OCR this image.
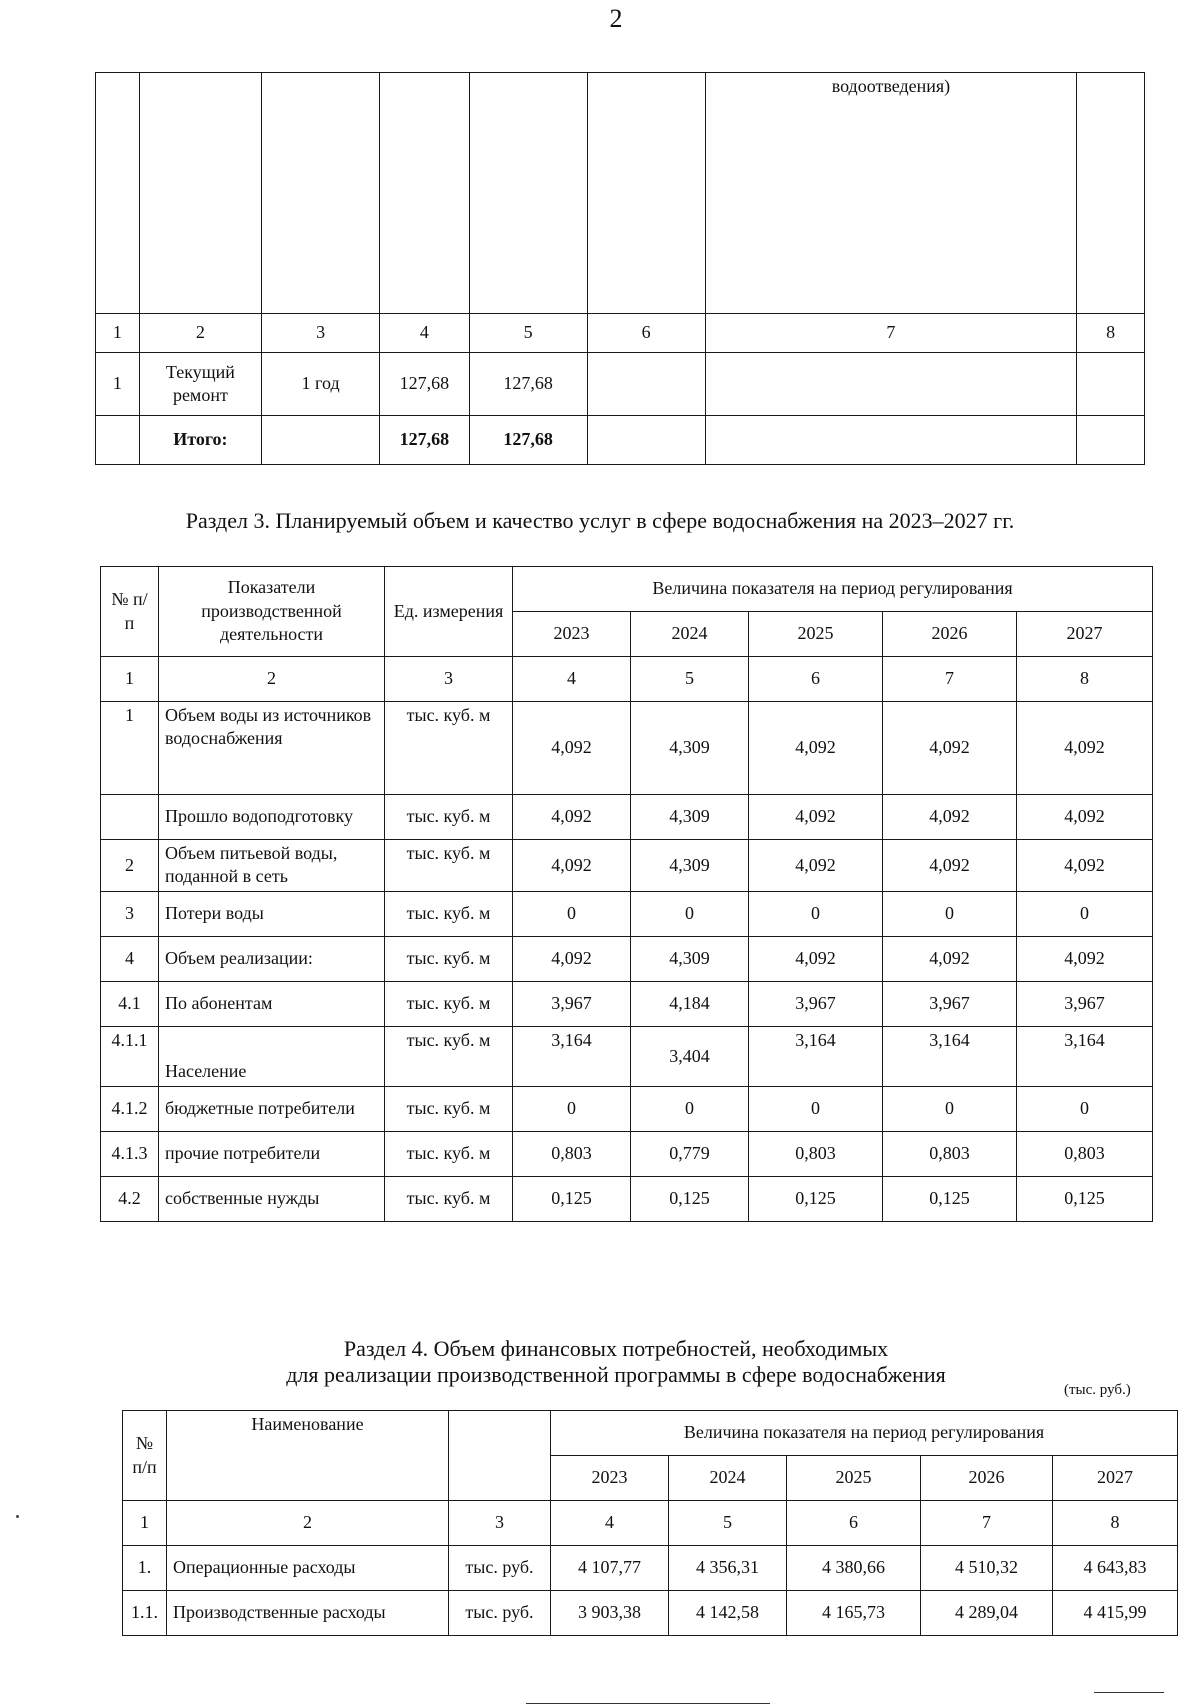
2
						водоотведения)	
1	2	3	4	5	6	7	8
1	Текущий ремонт	1 год	127,68	127,68			
	Итого:		127,68	127,68			
Раздел 3. Планируемый объем и качество услуг в сфере водоснабжения на 2023–2027 гг.
№ п/п	Показатели производственной деятельности	Ед. измерения	Величина показателя на период регулирования				
			2023	2024	2025	2026	2027
1	2	3	4	5	6	7	8
1	Объем воды из источников водоснабжения	тыс. куб. м	4,092	4,309	4,092	4,092	4,092
	Прошло водоподготовку	тыс. куб. м	4,092	4,309	4,092	4,092	4,092
2	Объем питьевой воды, поданной в сеть	тыс. куб. м	4,092	4,309	4,092	4,092	4,092
3	Потери воды	тыс. куб. м	0	0	0	0	0
4	Объем реализации:	тыс. куб. м	4,092	4,309	4,092	4,092	4,092
4.1	По абонентам	тыс. куб. м	3,967	4,184	3,967	3,967	3,967
4.1.1	Население	тыс. куб. м	3,164	3,404	3,164	3,164	3,164
4.1.2	бюджетные потребители	тыс. куб. м	0	0	0	0	0
4.1.3	прочие потребители	тыс. куб. м	0,803	0,779	0,803	0,803	0,803
4.2	собственные нужды	тыс. куб. м	0,125	0,125	0,125	0,125	0,125
Раздел 4. Объем финансовых потребностей, необходимых
для реализации производственной программы в сфере водоснабжения
(тыс. руб.)
№ п/п	Наименование		Величина показателя на период регулирования				
			2023	2024	2025	2026	2027
1	2	3	4	5	6	7	8
1.	Операционные расходы	тыс. руб.	4 107,77	4 356,31	4 380,66	4 510,32	4 643,83
1.1.	Производственные расходы	тыс. руб.	3 903,38	4 142,58	4 165,73	4 289,04	4 415,99
